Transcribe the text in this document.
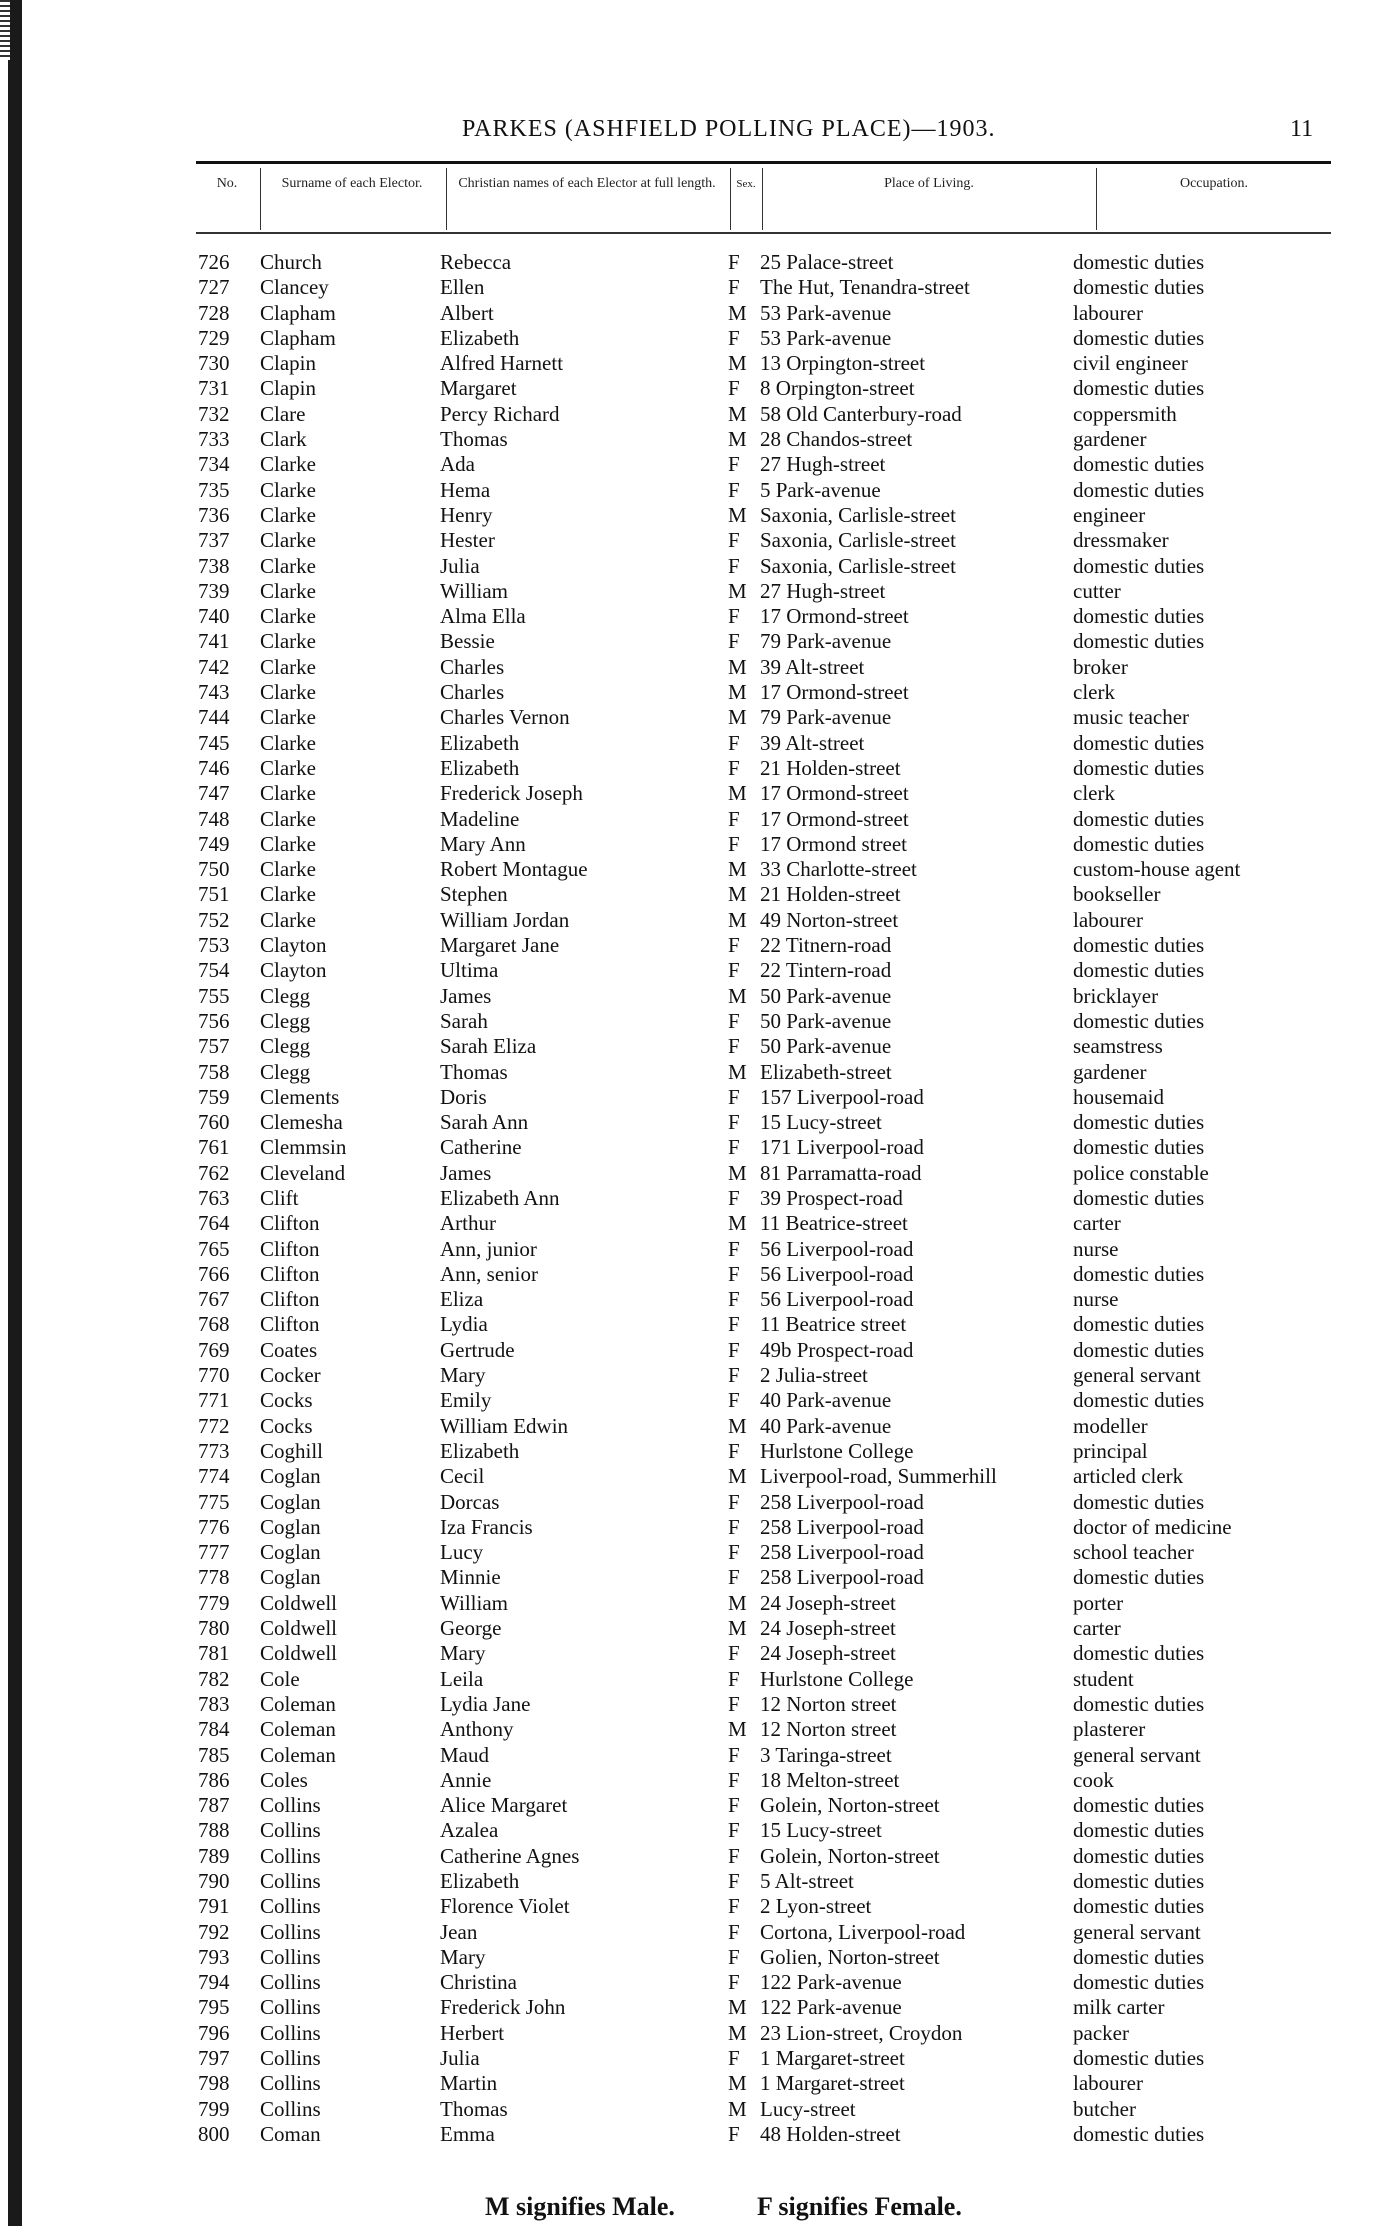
PARKES (ASHFIELD POLLING PLACE)—1903.	11
No.	Surname of each Elector.	Christian names of each Elector at full length.	Sex.	Place of Living.	Occupation.
726 Church	Rebecca	F 25 Palace-street	domestic duties
727 Clancey	Ellen	F The Hut, Tenandra-street	domestic duties
728 Clapham	Albert	M 53 Park-avenue	labourer
729 Clapham	Elizabeth	F 53 Park-avenue	domestic duties
730 Clapin	Alfred Harnett	M 13 Orpington-street	civil engineer
731 Clapin	Margaret	F 8 Orpington-street	domestic duties
732 Clare	Percy Richard	M 58 Old Canterbury-road	coppersmith
733 Clark	Thomas	M 28 Chandos-street	gardener
734 Clarke	Ada	F 27 Hugh-street	domestic duties
735 Clarke	Hema	F 5 Park-avenue	domestic duties
736 Clarke	Henry	M Saxonia, Carlisle-street	engineer
737 Clarke	Hester	F Saxonia, Carlisle-street	dressmaker
738 Clarke	Julia	F Saxonia, Carlisle-street	domestic duties
739 Clarke	William	M 27 Hugh-street	cutter
740 Clarke	Alma Ella	F 17 Ormond-street	domestic duties
741 Clarke	Bessie	F 79 Park-avenue	domestic duties
742 Clarke	Charles	M 39 Alt-street	broker
743 Clarke	Charles	M 17 Ormond-street	clerk
744 Clarke	Charles Vernon	M 79 Park-avenue	music teacher
745 Clarke	Elizabeth	F 39 Alt-street	domestic duties
746 Clarke	Elizabeth	F 21 Holden-street	domestic duties
747 Clarke	Frederick Joseph	M 17 Ormond-street	clerk
748 Clarke	Madeline	F 17 Ormond-street	domestic duties
749 Clarke	Mary Ann	F 17 Ormond street	domestic duties
750 Clarke	Robert Montague	M 33 Charlotte-street	custom-house agent
751 Clarke	Stephen	M 21 Holden-street	bookseller
752 Clarke	William Jordan	M 49 Norton-street	labourer
753 Clayton	Margaret Jane	F 22 Titnern-road	domestic duties
754 Clayton	Ultima	F 22 Tintern-road	domestic duties
755 Clegg	James	M 50 Park-avenue	bricklayer
756 Clegg	Sarah	F 50 Park-avenue	domestic duties
757 Clegg	Sarah Eliza	F 50 Park-avenue	seamstress
758 Clegg	Thomas	M Elizabeth-street	gardener
759 Clements	Doris	F 157 Liverpool-road	housemaid
760 Clemesha	Sarah Ann	F 15 Lucy-street	domestic duties
761 Clemmsin	Catherine	F 171 Liverpool-road	domestic duties
762 Cleveland	James	M 81 Parramatta-road	police constable
763 Clift	Elizabeth Ann	F 39 Prospect-road	domestic duties
764 Clifton	Arthur	M 11 Beatrice-street	carter
765 Clifton	Ann, junior	F 56 Liverpool-road	nurse
766 Clifton	Ann, senior	F 56 Liverpool-road	domestic duties
767 Clifton	Eliza	F 56 Liverpool-road	nurse
768 Clifton	Lydia	F 11 Beatrice street	domestic duties
769 Coates	Gertrude	F 49b Prospect-road	domestic duties
770 Cocker	Mary	F 2 Julia-street	general servant
771 Cocks	Emily	F 40 Park-avenue	domestic duties
772 Cocks	William Edwin	M 40 Park-avenue	modeller
773 Coghill	Elizabeth	F Hurlstone College	principal
774 Coglan	Cecil	M Liverpool-road, Summerhill	articled clerk
775 Coglan	Dorcas	F 258 Liverpool-road	domestic duties
776 Coglan	Iza Francis	F 258 Liverpool-road	doctor of medicine
777 Coglan	Lucy	F 258 Liverpool-road	school teacher
778 Coglan	Minnie	F 258 Liverpool-road	domestic duties
779 Coldwell	William	M 24 Joseph-street	porter
780 Coldwell	George	M 24 Joseph-street	carter
781 Coldwell	Mary	F 24 Joseph-street	domestic duties
782 Cole	Leila	F Hurlstone College	student
783 Coleman	Lydia Jane	F 12 Norton street	domestic duties
784 Coleman	Anthony	M 12 Norton street	plasterer
785 Coleman	Maud	F 3 Taringa-street	general servant
786 Coles	Annie	F 18 Melton-street	cook
787 Collins	Alice Margaret	F Golein, Norton-street	domestic duties
788 Collins	Azalea	F 15 Lucy-street	domestic duties
789 Collins	Catherine Agnes	F Golein, Norton-street	domestic duties
790 Collins	Elizabeth	F 5 Alt-street	domestic duties
791 Collins	Florence Violet	F 2 Lyon-street	domestic duties
792 Collins	Jean	F Cortona, Liverpool-road	general servant
793 Collins	Mary	F Golien, Norton-street	domestic duties
794 Collins	Christina	F 122 Park-avenue	domestic duties
795 Collins	Frederick John	M 122 Park-avenue	milk carter
796 Collins	Herbert	M 23 Lion-street, Croydon	packer
797 Collins	Julia	F 1 Margaret-street	domestic duties
798 Collins	Martin	M 1 Margaret-street	labourer
799 Collins	Thomas	M Lucy-street	butcher
800 Coman	Emma	F 48 Holden-street	domestic duties
M signifies Male.	F signifies Female.
